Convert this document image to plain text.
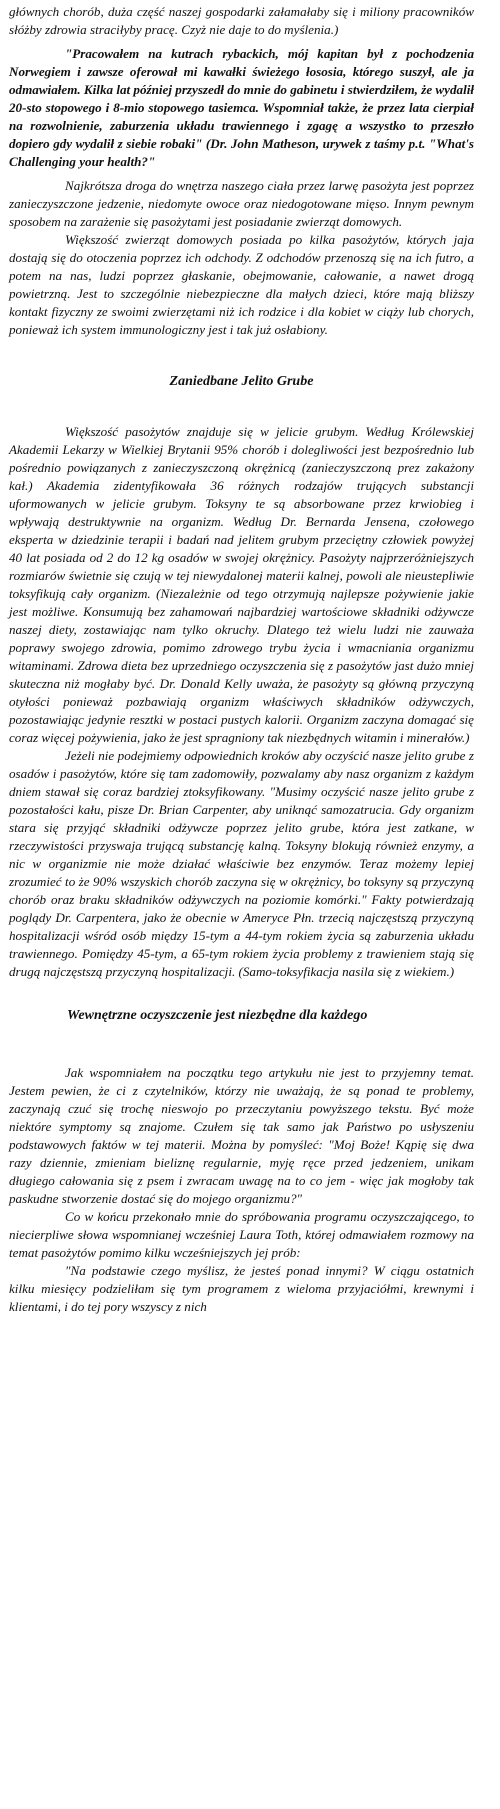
głównych chorób, duża część naszej gospodarki załamałaby się i miliony pracowników słóżby zdrowia straciłyby pracę. Czyż nie daje to do myślenia.)

"Pracowałem na kutrach rybackich, mój kapitan był z pochodzenia Norwegiem i zawsze oferował mi kawałki świeżego łososia, którego suszył, ale ja odmawiałem. Kilka lat później przyszedł do mnie do gabinetu i stwierdziłem, że wydalił 20-sto stopowego i 8-mio stopowego tasiemca. Wspomniał także, że przez lata cierpiał na rozwolnienie, zaburzenia układu trawiennego i zgagę a wszystko to przeszło dopiero gdy wydalił z siebie robaki" (Dr. John Matheson, urywek z taśmy p.t. "What's Challenging your health?"

Najkrótsza droga do wnętrza naszego ciała przez larwę pasożyta jest poprzez zanieczyszczone jedzenie, niedomyte owoce oraz niedogotowane mięso. Innym pewnym sposobem na zarażenie się pasożytami jest posiadanie zwierząt domowych.

Większość zwierząt domowych posiada po kilka pasożytów, których jaja dostają się do otoczenia poprzez ich odchody. Z odchodów przenoszą się na ich futro, a potem na nas, ludzi poprzez głaskanie, obejmowanie, całowanie, a nawet drogą powietrzną. Jest to szczególnie niebezpieczne dla małych dzieci, które mają bliższy kontakt fizyczny ze swoimi zwierzętami niż ich rodzice i dla kobiet w ciąży lub chorych, ponieważ ich system immunologiczny jest i tak już osłabiony.

Zaniedbane Jelito Grube

Większość pasożytów znajduje się w jelicie grubym. Według Królewskiej Akademii Lekarzy w Wielkiej Brytanii 95% chorób i dolegliwości jest bezpośrednio lub pośrednio powiązanych z zanieczyszczoną okrężnicą (zanieczyszczoną prez zakażony kał.) Akademia zidentyfikowała 36 różnych rodzajów trujących substancji uformowanych w jelicie grubym. Toksyny te są absorbowane przez krwiobieg i wpływają destruktywnie na organizm. Według Dr. Bernarda Jensena, czołowego eksperta w dziedzinie terapii i badań nad jelitem grubym przeciętny człowiek powyżej 40 lat posiada od 2 do 12 kg osadów w swojej okrężnicy. Pasożyty najprzeróżniejszych rozmiarów świetnie się czują w tej niewydalonej materii kalnej, powoli ale nieustepliwie toksyfikują cały organizm. (Niezależnie od tego otrzymują najlepsze pożywienie jakie jest możliwe. Konsumują bez zahamowań najbardziej wartościowe składniki odżywcze naszej diety, zostawiając nam tylko okruchy. Dlatego też wielu ludzi nie zauważa poprawy swojego zdrowia, pomimo zdrowego trybu życia i wmacniania organizmu witaminami. Zdrowa dieta bez uprzedniego oczyszczenia się z pasożytów jast dużo mniej skuteczna niż mogłaby być. Dr. Donald Kelly uważa, że pasożyty są główną przyczyną otyłości ponieważ pozbawiają organizm właściwych składników odżywczych, pozostawiając jedynie resztki w postaci pustych kalorii. Organizm zaczyna domagać się coraz więcej pożywienia, jako że jest spragniony tak niezbędnych witamin i minerałów.)

Jeżeli nie podejmiemy odpowiednich kroków aby oczyścić nasze jelito grube z osadów i pasożytów, które się tam zadomowiły, pozwalamy aby nasz organizm z każdym dniem stawał się coraz bardziej ztoksyfikowany. "Musimy oczyścić nasze jelito grube z pozostałości kału, pisze Dr. Brian Carpenter, aby uniknąć samozatrucia. Gdy organizm stara się przyjąć składniki odżywcze poprzez jelito grube, która jest zatkane, w rzeczywistości przyswaja trującą substancję kalną. Toksyny blokują również enzymy, a nic w organizmie nie może działać właściwie bez enzymów. Teraz możemy lepiej zrozumieć to że 90% wszyskich chorób zaczyna się w okrężnicy, bo toksyny są przyczyną chorób oraz braku składników odżywczych na poziomie komórki." Fakty potwierdzają poglądy Dr. Carpentera, jako że obecnie w Ameryce Płn. trzecią najczęstszą przyczyną hospitalizacji wśród osób między 15-tym a 44-tym rokiem życia są zaburzenia układu trawiennego. Pomiędzy 45-tym, a 65-tym rokiem życia problemy z trawieniem stają się drugą najczęstszą przyczyną hospitalizacji. (Samo-toksyfikacja nasila się z wiekiem.)

Wewnętrzne oczyszczenie jest niezbędne dla każdego

Jak wspomniałem na początku tego artykułu nie jest to przyjemny temat. Jestem pewien, że ci z czytelników, którzy nie uważają, że są ponad te problemy, zaczynają czuć się trochę nieswojo po przeczytaniu powyższego tekstu. Być może niektóre symptomy są znajome. Czułem się tak samo jak Państwo po usłyszeniu podstawowych faktów w tej materii. Można by pomyśleć: "Moj Boże! Kąpię się dwa razy dziennie, zmieniam bieliznę regularnie, myję ręce przed jedzeniem, unikam długiego całowania się z psem i zwracam uwagę na to co jem - więc jak mogłoby tak paskudne stworzenie dostać się do mojego organizmu?"

Co w końcu przekonało mnie do spróbowania programu oczyszczającego, to niecierpliwe słowa wspomnianej wcześniej Laura Toth, której odmawiałem rozmowy na temat pasożytów pomimo kilku wcześniejszych jej prób:

"Na podstawie czego myślisz, że jesteś ponad innymi? W ciągu ostatnich kilku miesięcy podzieliłam się tym programem z wieloma przyjaciółmi, krewnymi i klientami, i do tej pory wszyscy z nich
